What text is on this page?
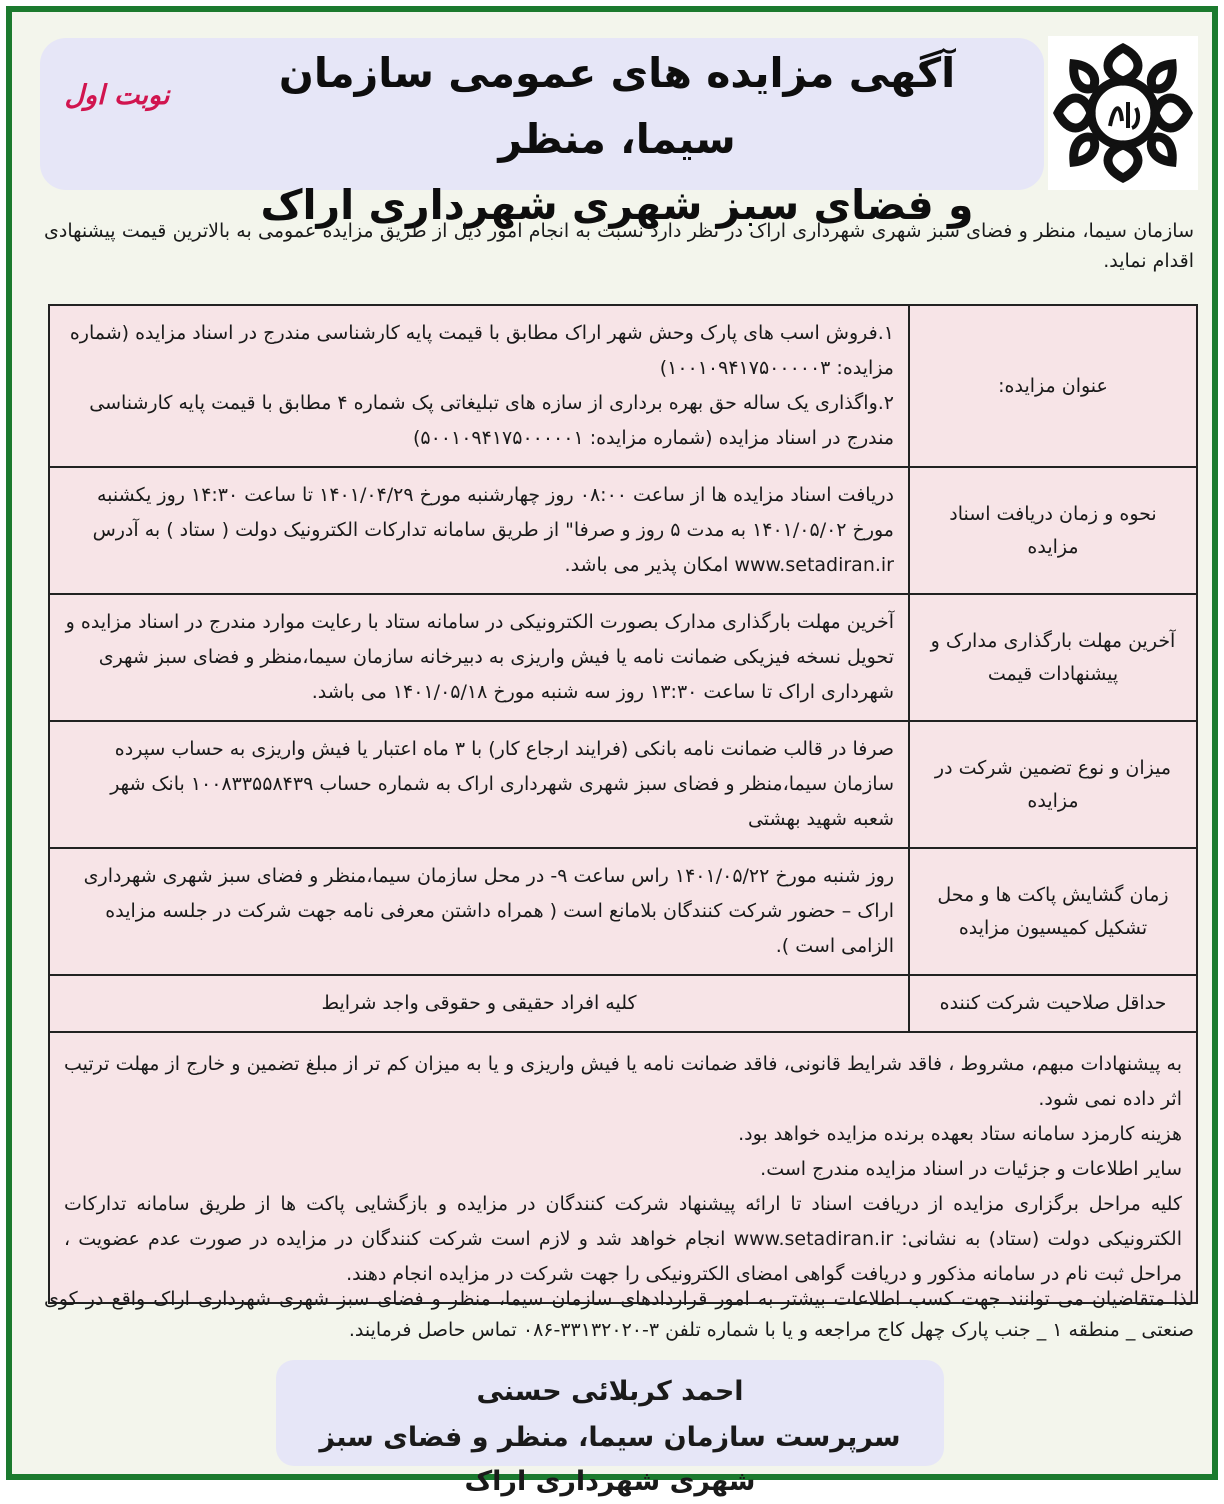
آگهی مزایده های عمومی سازمان سیما، منظر
و فضای سبز شهری شهرداری اراک
نوبت اول
سازمان سیما، منظر و فضای سبز شهری شهرداری اراک در نظر دارد نسبت به انجام امور ذیل از طریق مزایده عمومی به بالاترین قیمت پیشنهادی اقدام نماید.
عنوان مزایده:
۱.فروش اسب های پارک وحش شهر اراک مطابق با قیمت پایه کارشناسی مندرج در اسناد مزایده (شماره مزایده: ۱۰۰۱۰۹۴۱۷۵۰۰۰۰۰۳)
۲.واگذاری یک ساله حق بهره برداری از سازه های تبلیغاتی پک شماره ۴ مطابق با قیمت پایه کارشناسی مندرج در اسناد مزایده (شماره مزایده: ۵۰۰۱۰۹۴۱۷۵۰۰۰۰۰۱)
نحوه و زمان دریافت اسناد مزایده
دریافت اسناد مزایده ها از ساعت ۰۸:۰۰ روز چهارشنبه مورخ ۱۴۰۱/۰۴/۲۹ تا ساعت ۱۴:۳۰ روز یکشنبه مورخ ۱۴۰۱/۰۵/۰۲ به مدت ۵ روز و صرفا" از طریق سامانه تدارکات الکترونیک دولت ( ستاد ) به آدرس www.setadiran.ir امکان پذیر می باشد.
آخرین مهلت بارگذاری مدارک و پیشنهادات قیمت
آخرین مهلت بارگذاری مدارک بصورت الکترونیکی در سامانه ستاد با رعایت موارد مندرج در اسناد مزایده و تحویل نسخه فیزیکی ضمانت نامه یا فیش واریزی به دبیرخانه سازمان سیما،منظر و فضای سبز شهری شهرداری اراک تا ساعت ۱۳:۳۰ روز سه شنبه مورخ ۱۴۰۱/۰۵/۱۸ می باشد.
میزان و نوع تضمین شرکت در مزایده
صرفا در قالب ضمانت نامه بانکی (فرایند ارجاع کار) با ۳ ماه اعتبار یا فیش واریزی به حساب سپرده سازمان سیما،منظر و فضای سبز شهری شهرداری اراک به شماره حساب ۱۰۰۸۳۳۵۵۸۴۳۹ بانک شهر شعبه شهید بهشتی
زمان گشایش پاکت ها و محل تشکیل کمیسیون مزایده
روز شنبه مورخ ۱۴۰۱/۰۵/۲۲ راس ساعت ۹- در محل سازمان سیما،منظر و فضای سبز شهری شهرداری اراک – حضور شرکت کنندگان بلامانع است ( همراه داشتن معرفی نامه جهت شرکت در جلسه مزایده الزامی است ).
حداقل صلاحیت شرکت کننده
کلیه افراد حقیقی و حقوقی واجد شرایط
به پیشنهادات مبهم، مشروط ، فاقد شرایط قانونی، فاقد ضمانت نامه یا فیش واریزی و یا به میزان کم تر از مبلغ تضمین و خارج از مهلت ترتیب اثر داده نمی شود.
هزینه کارمزد سامانه ستاد بعهده برنده مزایده خواهد بود.
سایر اطلاعات و جزئیات در اسناد مزایده مندرج است.
کلیه مراحل برگزاری مزایده از دریافت اسناد تا ارائه پیشنهاد شرکت کنندگان در مزایده و بازگشایی پاکت ها از طریق سامانه تدارکات الکترونیکی دولت (ستاد) به نشانی: www.setadiran.ir انجام خواهد شد و لازم است شرکت کنندگان در مزایده در صورت عدم عضویت ، مراحل ثبت نام در سامانه مذکور و دریافت گواهی امضای الکترونیکی را جهت شرکت در مزایده انجام دهند.
لذا متقاضیان می توانند جهت کسب اطلاعات بیشتر به امور قراردادهای سازمان سیما، منظر و فضای سبز شهری شهرداری اراک واقع در کوی صنعتی _ منطقه ۱ _ جنب پارک چهل کاج مراجعه و یا با شماره تلفن ۳-۳۳۱۳۲۰۲۰-۰۸۶ تماس حاصل فرمایند.
احمد کربلائی حسنی
سرپرست سازمان سیما، منظر و فضای سبز شهری شهرداری اراک
